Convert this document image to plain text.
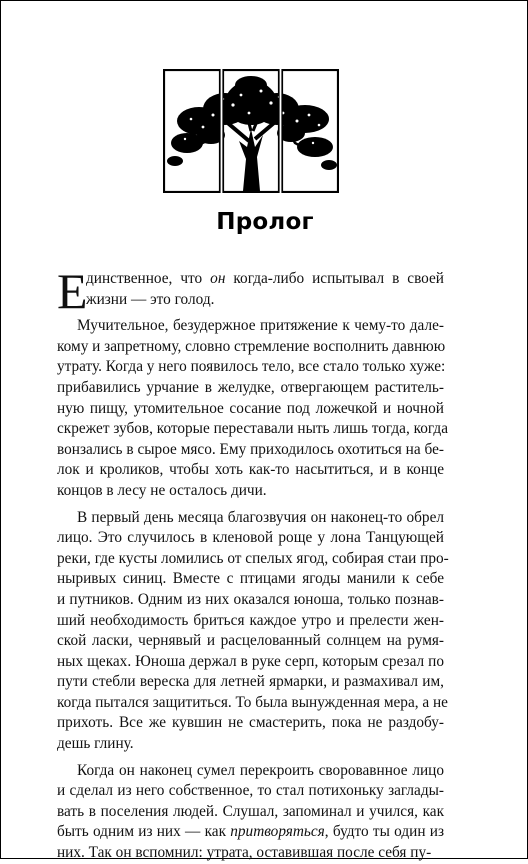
Пролог
Е
динственное, что он когда-либо испытывал в своей
жизни — это голод.
Мучительное, безудержное притяжение к чему-то дале-
кому и запретному, словно стремление восполнить давнюю
утрату. Когда у него появилось тело, все стало только хуже:
прибавились урчание в желудке, отвергающем раститель-
ную пищу, утомительное сосание под ложечкой и ночной
скрежет зубов, которые переставали ныть лишь тогда, когда
вонзались в сырое мясо. Ему приходилось охотиться на бе-
лок и кроликов, чтобы хоть как-то насытиться, и в конце
концов в лесу не осталось дичи.
В первый день месяца благозвучия он наконец-то обрел
лицо. Это случилось в кленовой роще у лона Танцующей
реки, где кусты ломились от спелых ягод, собирая стаи про-
ныривых синиц. Вместе с птицами ягоды манили к себе
и путников. Одним из них оказался юноша, только познав-
ший необходимость бриться каждое утро и прелести жен-
ской ласки, чернявый и расцелованный солнцем на румя-
ных щеках. Юноша держал в руке серп, которым срезал по
пути стебли вереска для летней ярмарки, и размахивал им,
когда пытался защититься. То была вынужденная мера, а не
прихоть. Все же кувшин не смастерить, пока не раздобу-
дешь глину.
Когда он наконец сумел перекроить своровавнное лицо
и сделал из него собственное, то стал потихоньку заглады-
вать в поселения людей. Слушал, запоминал и учился, как
быть одним из них — как притворяться, будто ты один из
них. Так он вспомнил: утрата, оставившая после себя пу-
